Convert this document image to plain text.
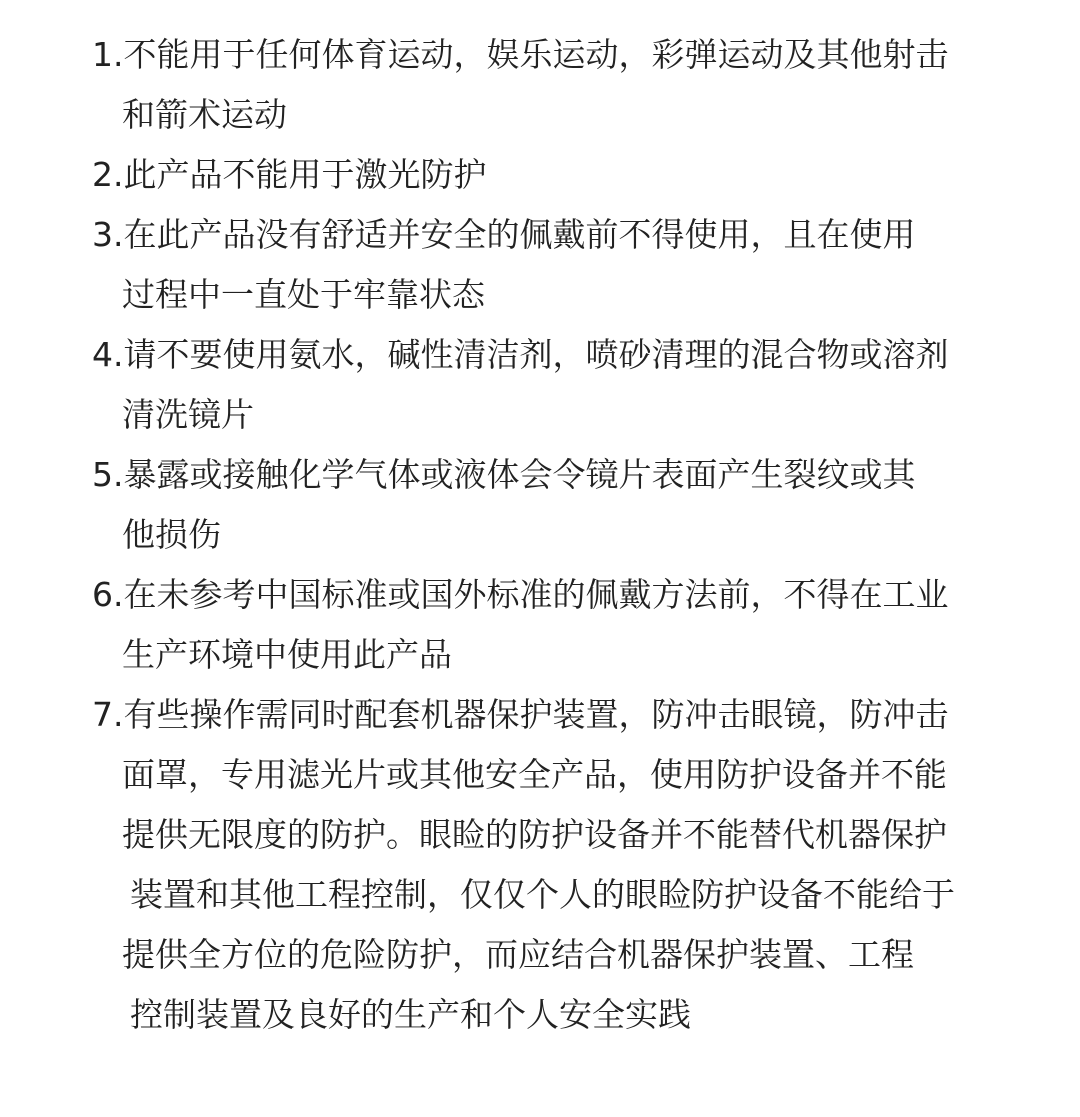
1.不能用于任何体育运动，娱乐运动，彩弹运动及其他射击
和箭术运动
2.此产品不能用于激光防护
3.在此产品没有舒适并安全的佩戴前不得使用，且在使用
过程中一直处于牢靠状态
4.请不要使用氨水，碱性清洁剂，喷砂清理的混合物或溶剂
清洗镜片
5.暴露或接触化学气体或液体会令镜片表面产生裂纹或其
他损伤
6.在未参考中国标准或国外标准的佩戴方法前，不得在工业
生产环境中使用此产品
7.有些操作需同时配套机器保护装置，防冲击眼镜，防冲击
面罩，专用滤光片或其他安全产品，使用防护设备并不能
提供无限度的防护。眼睑的防护设备并不能替代机器保护
装置和其他工程控制，仅仅个人的眼睑防护设备不能给于
提供全方位的危险防护，而应结合机器保护装置、工程
控制装置及良好的生产和个人安全实践
